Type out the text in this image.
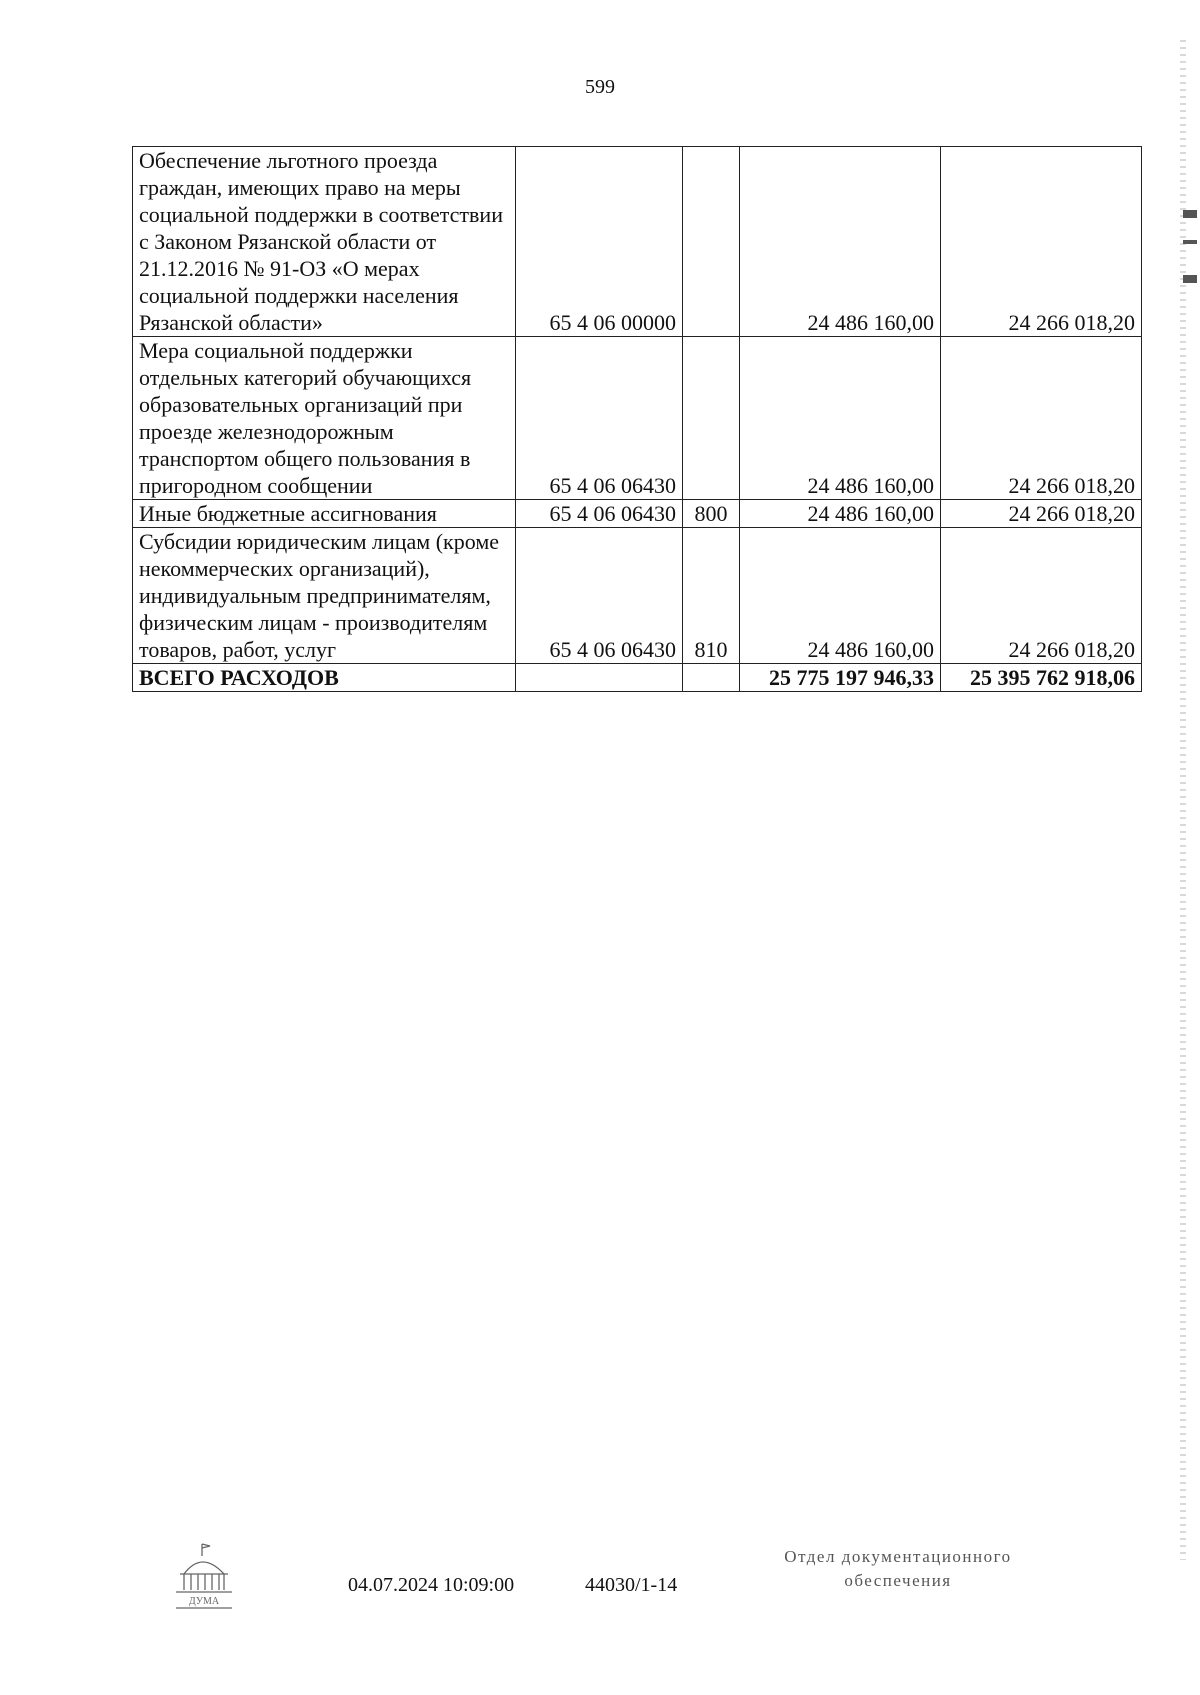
599
Обеспечение льготного проезда граждан, имеющих право на меры социальной поддержки в соответствии с Законом Рязанской области от 21.12.2016 № 91-ОЗ «О мерах социальной поддержки населения Рязанской области»	65 4 06 00000		24 486 160,00	24 266 018,20
Мера социальной поддержки отдельных категорий обучающихся образовательных организаций при проезде железнодорожным транспортом общего пользования в пригородном сообщении	65 4 06 06430		24 486 160,00	24 266 018,20
Иные бюджетные ассигнования	65 4 06 06430	800	24 486 160,00	24 266 018,20
Субсидии юридическим лицам (кроме некоммерческих организаций), индивидуальным предпринимателям, физическим лицам - производителям товаров, работ, услуг	65 4 06 06430	810	24 486 160,00	24 266 018,20
ВСЕГО РАСХОДОВ			25 775 197 946,33	25 395 762 918,06
ДУМА
04.07.2024 10:09:00	44030/1-14
Отдел документационного
обеспечения
